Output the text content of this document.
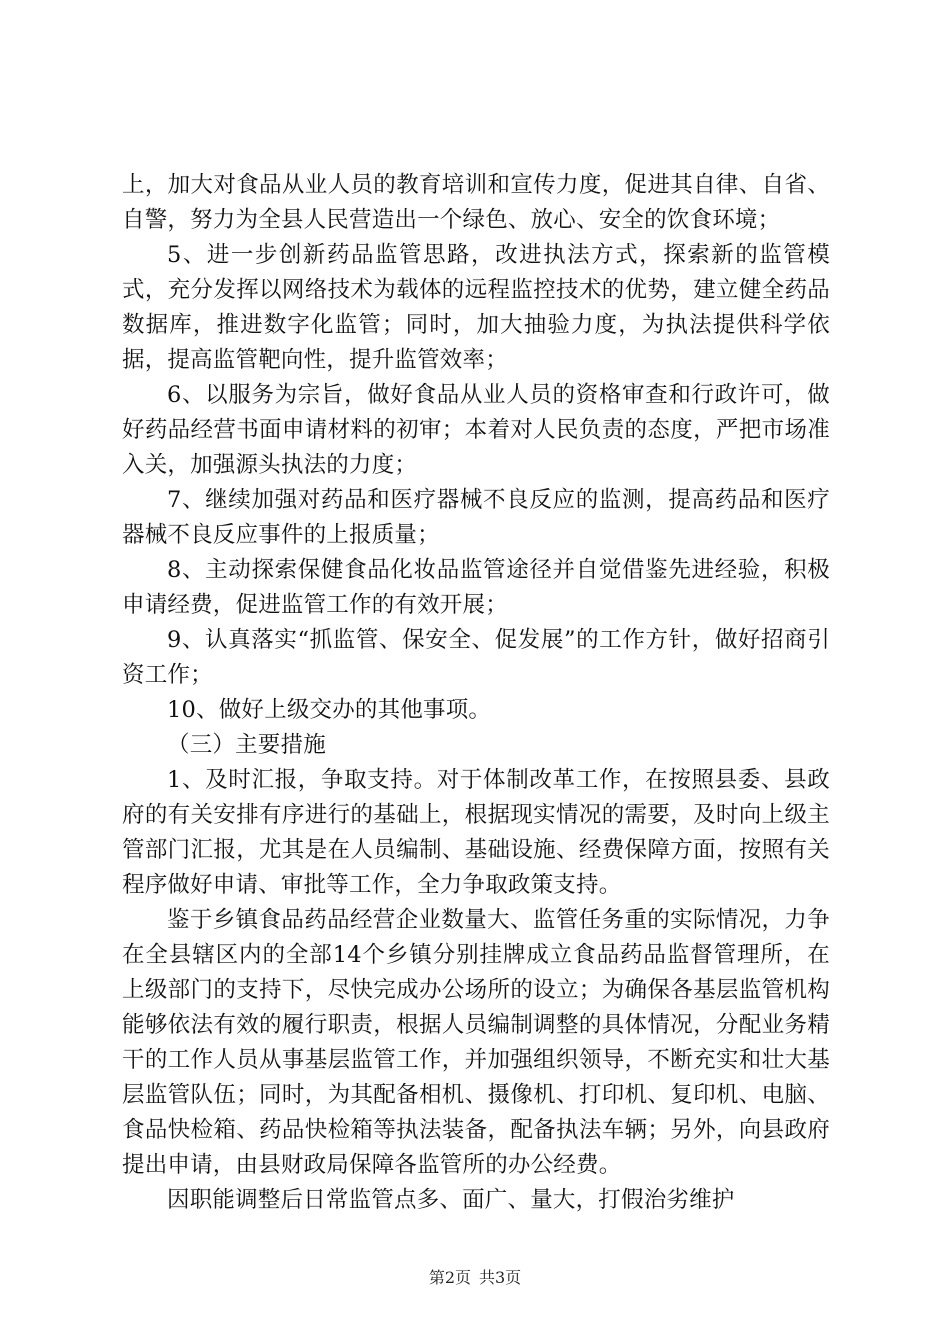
上，加大对食品从业人员的教育培训和宣传力度，促进其自律、自省、自警，努力为全县人民营造出一个绿色、放心、安全的饮食环境；

5、进一步创新药品监管思路，改进执法方式，探索新的监管模式，充分发挥以网络技术为载体的远程监控技术的优势，建立健全药品数据库，推进数字化监管；同时，加大抽验力度，为执法提供科学依据，提高监管靶向性，提升监管效率；

6、以服务为宗旨，做好食品从业人员的资格审查和行政许可，做好药品经营书面申请材料的初审；本着对人民负责的态度，严把市场准入关，加强源头执法的力度；

7、继续加强对药品和医疗器械不良反应的监测，提高药品和医疗器械不良反应事件的上报质量；

8、主动探索保健食品化妆品监管途径并自觉借鉴先进经验，积极申请经费，促进监管工作的有效开展；

9、认真落实“抓监管、保安全、促发展”的工作方针，做好招商引资工作；

10、做好上级交办的其他事项。

（三）主要措施

1、及时汇报，争取支持。对于体制改革工作，在按照县委、县政府的有关安排有序进行的基础上，根据现实情况的需要，及时向上级主管部门汇报，尤其是在人员编制、基础设施、经费保障方面，按照有关程序做好申请、审批等工作，全力争取政策支持。

鉴于乡镇食品药品经营企业数量大、监管任务重的实际情况，力争在全县辖区内的全部14个乡镇分别挂牌成立食品药品监督管理所，在上级部门的支持下，尽快完成办公场所的设立；为确保各基层监管机构能够依法有效的履行职责，根据人员编制调整的具体情况，分配业务精干的工作人员从事基层监管工作，并加强组织领导，不断充实和壮大基层监管队伍；同时，为其配备相机、摄像机、打印机、复印机、电脑、食品快检箱、药品快检箱等执法装备，配备执法车辆；另外，向县政府提出申请，由县财政局保障各监管所的办公经费。

因职能调整后日常监管点多、面广、量大，打假治劣维护

第2页 共3页
